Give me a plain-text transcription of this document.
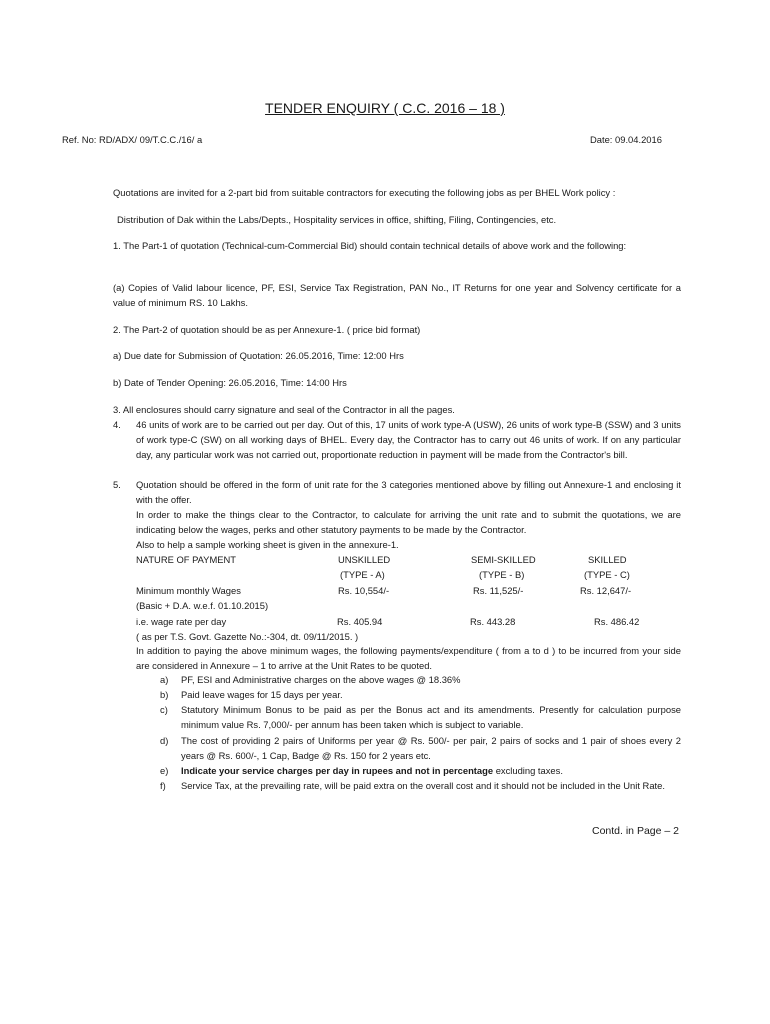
TENDER ENQUIRY ( C.C. 2016 – 18 )
Ref. No: RD/ADX/ 09/T.C.C./16/ a	Date: 09.04.2016
Quotations are invited for a 2-part bid from suitable contractors for executing the following jobs as per BHEL Work policy :
Distribution of Dak within the Labs/Depts., Hospitality services in office, shifting, Filing, Contingencies, etc.
1. The Part-1 of quotation (Technical-cum-Commercial Bid) should contain technical details of above work and the following:
(a) Copies of Valid labour licence, PF, ESI, Service Tax Registration, PAN No., IT Returns for one year and Solvency certificate for a value of minimum RS. 10 Lakhs.
2. The Part-2 of quotation should be as per Annexure-1. ( price bid format)
a) Due date for Submission of Quotation: 26.05.2016, Time: 12:00 Hrs
b) Date of Tender Opening: 26.05.2016, Time: 14:00 Hrs
3. All enclosures should carry signature and seal of the Contractor in all the pages.
4. 46 units of work are to be carried out per day. Out of this, 17 units of work type-A (USW), 26 units of work type-B (SSW) and 3 units of work type-C (SW) on all working days of BHEL. Every day, the Contractor has to carry out 46 units of work. If on any particular day, any particular work was not carried out, proportionate reduction in payment will be made from the Contractor's bill.
5. Quotation should be offered in the form of unit rate for the 3 categories mentioned above by filling out Annexure-1 and enclosing it with the offer.
In order to make the things clear to the Contractor, to calculate for arriving the unit rate and to submit the quotations, we are indicating below the wages, perks and other statutory payments to be made by the Contractor.
Also to help a sample working sheet is given in the annexure-1.
NATURE OF PAYMENT	UNSKILLED	SEMI-SKILLED	SKILLED
(TYPE - A)	(TYPE - B)	(TYPE - C)
Minimum monthly Wages	Rs. 10,554/-	Rs. 11,525/-	Rs. 12,647/-
(Basic + D.A. w.e.f. 01.10.2015)
i.e. wage rate per day	Rs. 405.94	Rs. 443.28	Rs. 486.42
( as per T.S. Govt. Gazette No.:-304, dt. 09/11/2015. )
In addition to paying the above minimum wages, the following payments/expenditure ( from a to d ) to be incurred from your side are considered in Annexure – 1 to arrive at the Unit Rates to be quoted.
a) PF, ESI and Administrative charges on the above wages @ 18.36%
b) Paid leave wages for 15 days per year.
c) Statutory Minimum Bonus to be paid as per the Bonus act and its amendments. Presently for calculation purpose minimum value Rs. 7,000/- per annum has been taken which is subject to variable.
d) The cost of providing 2 pairs of Uniforms per year @ Rs. 500/- per pair, 2 pairs of socks and 1 pair of shoes every 2 years @ Rs. 600/-, 1 Cap, Badge @ Rs. 150 for 2 years etc.
e) Indicate your service charges per day in rupees and not in percentage excluding taxes.
f) Service Tax, at the prevailing rate, will be paid extra on the overall cost and it should not be included in the Unit Rate.
Contd. in Page – 2
